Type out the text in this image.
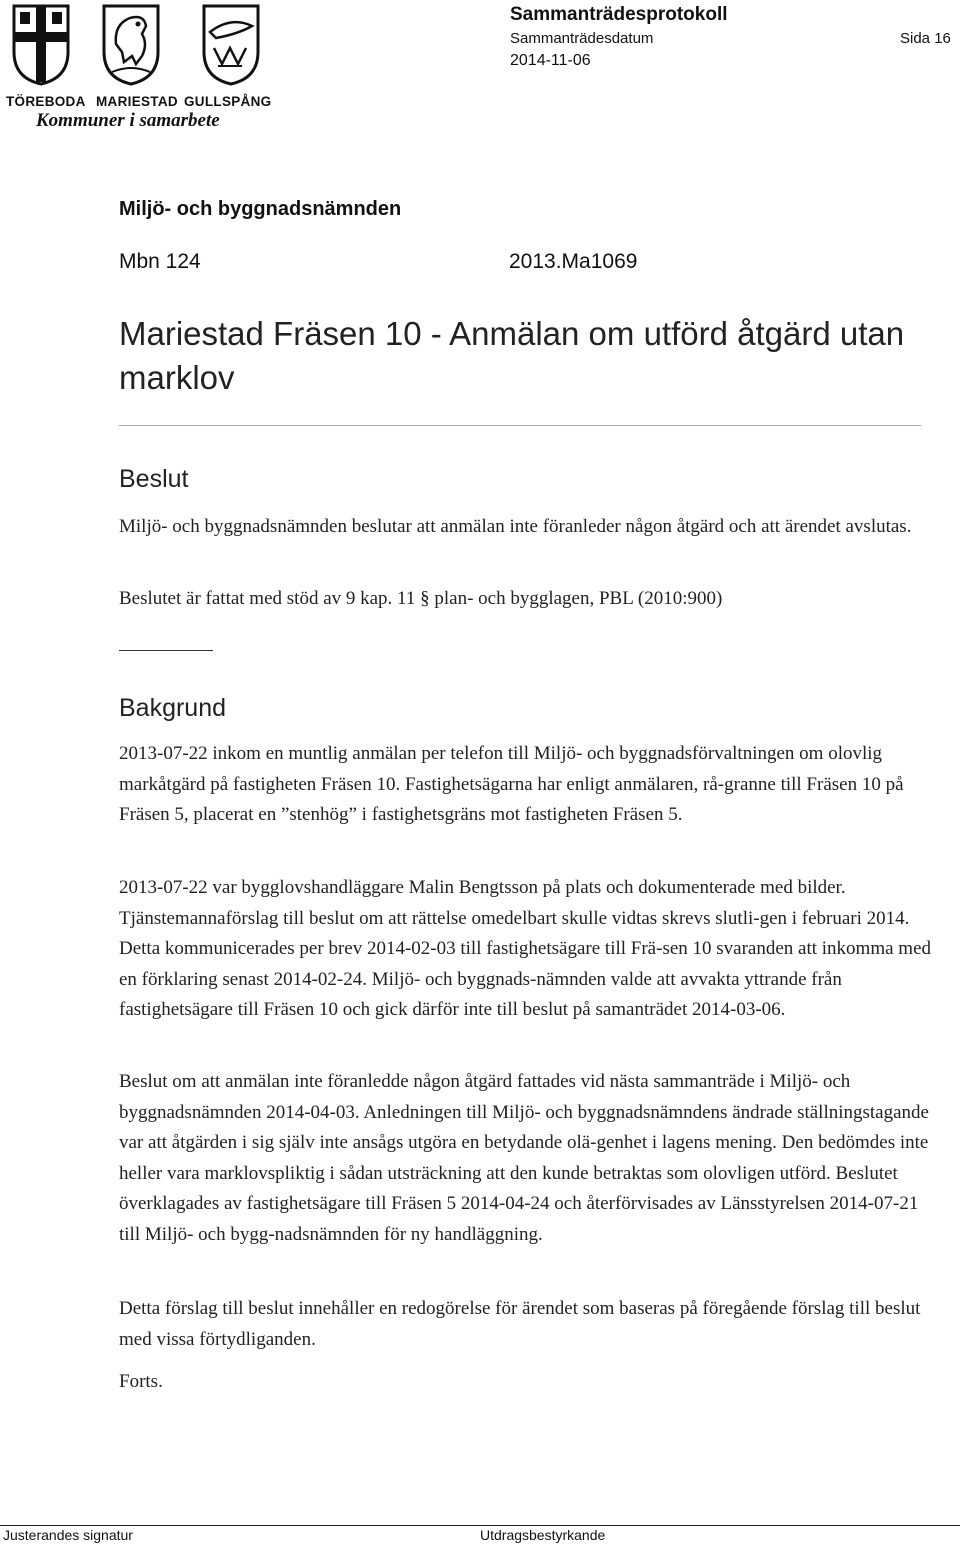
TÖREBODA MARIESTAD GULLSPÅNG
Kommuner i samarbete
Sammanträdesprotokoll
Sammanträdesdatum	Sida 16
2014-11-06
Miljö- och byggnadsnämnden
Mbn 124	2013.Ma1069
Mariestad Fräsen 10 - Anmälan om utförd åtgärd utan marklov
Beslut

Miljö- och byggnadsnämnden beslutar att anmälan inte föranleder någon åtgärd och att ärendet avslutas.

Beslutet är fattat med stöd av 9 kap. 11 § plan- och bygglagen, PBL (2010:900)

Bakgrund

2013-07-22 inkom en muntlig anmälan per telefon till Miljö- och byggnadsförvaltningen om olovlig markåtgärd på fastigheten Fräsen 10. Fastighetsägarna har enligt anmälaren, rå-granne till Fräsen 10 på Fräsen 5, placerat en ”stenhög” i fastighetsgräns mot fastigheten Fräsen 5.

2013-07-22 var bygglovshandläggare Malin Bengtsson på plats och dokumenterade med bilder. Tjänstemannaförslag till beslut om att rättelse omedelbart skulle vidtas skrevs slutli-gen i februari 2014. Detta kommunicerades per brev 2014-02-03 till fastighetsägare till Frä-sen 10 svaranden att inkomma med en förklaring senast 2014-02-24. Miljö- och byggnads-nämnden valde att avvakta yttrande från fastighetsägare till Fräsen 10 och gick därför inte till beslut på samanträdet 2014-03-06.

Beslut om att anmälan inte föranledde någon åtgärd fattades vid nästa sammanträde i Miljö- och byggnadsnämnden 2014-04-03. Anledningen till Miljö- och byggnadsnämndens ändrade ställningstagande var att åtgärden i sig själv inte ansågs utgöra en betydande olä-genhet i lagens mening. Den bedömdes inte heller vara marklovspliktig i sådan utsträckning att den kunde betraktas som olovligen utförd. Beslutet överklagades av fastighetsägare till Fräsen 5 2014-04-24 och återförvisades av Länsstyrelsen 2014-07-21 till Miljö- och bygg-nadsnämnden för ny handläggning.

Detta förslag till beslut innehåller en redogörelse för ärendet som baseras på föregående förslag till beslut med vissa förtydliganden.

Forts.
Justerandes signatur	Utdragsbestyrkande
